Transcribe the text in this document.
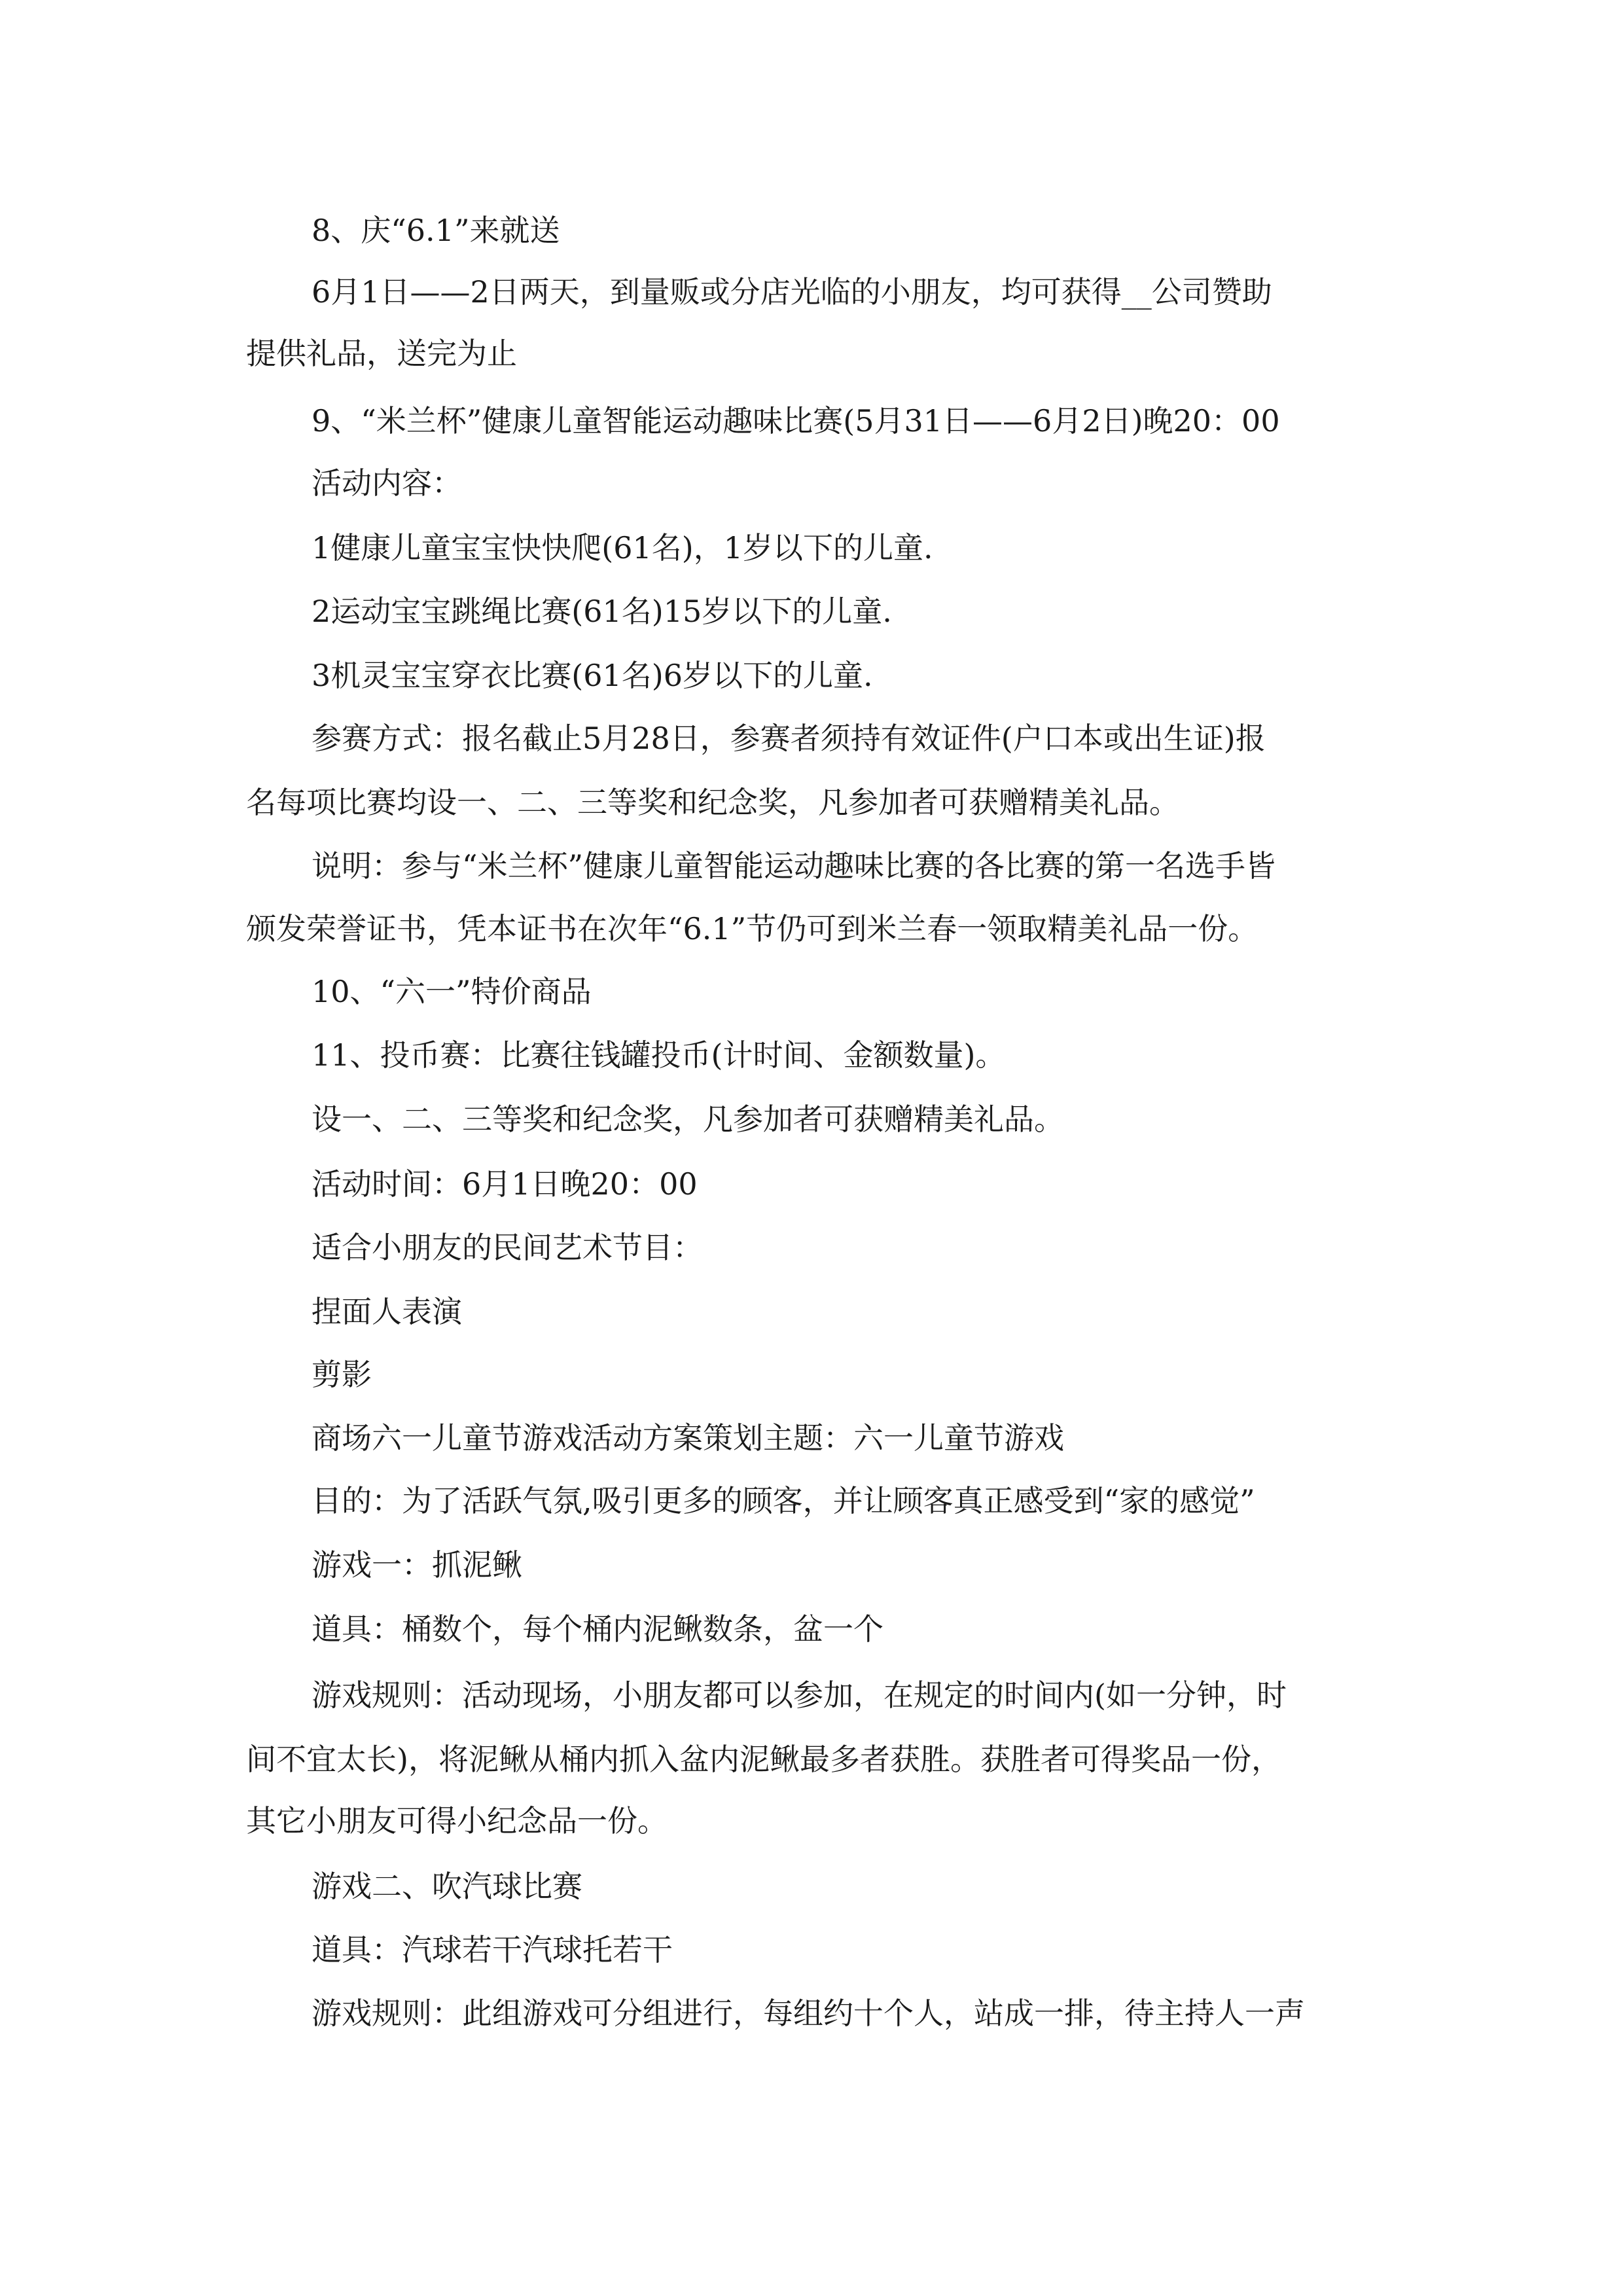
8、庆“6.1”来就送

6月1日——2日两天，到量贩或分店光临的小朋友，均可获得__公司赞助

提供礼品，送完为止

9、“米兰杯”健康儿童智能运动趣味比赛(5月31日——6月2日)晚20：00

活动内容：

1健康儿童宝宝快快爬(61名)，1岁以下的儿童.

2运动宝宝跳绳比赛(61名)15岁以下的儿童.

3机灵宝宝穿衣比赛(61名)6岁以下的儿童.

参赛方式：报名截止5月28日，参赛者须持有效证件(户口本或出生证)报

名每项比赛均设一、二、三等奖和纪念奖，凡参加者可获赠精美礼品。

说明：参与“米兰杯”健康儿童智能运动趣味比赛的各比赛的第一名选手皆

颁发荣誉证书，凭本证书在次年“6.1”节仍可到米兰春一领取精美礼品一份。

10、“六一”特价商品

11、投币赛：比赛往钱罐投币(计时间、金额数量)。

设一、二、三等奖和纪念奖，凡参加者可获赠精美礼品。

活动时间：6月1日晚20：00

适合小朋友的民间艺术节目：

捏面人表演

剪影

商场六一儿童节游戏活动方案策划主题：六一儿童节游戏

目的：为了活跃气氛,吸引更多的顾客，并让顾客真正感受到“家的感觉”

游戏一：抓泥鳅

道具：桶数个，每个桶内泥鳅数条，盆一个

游戏规则：活动现场，小朋友都可以参加，在规定的时间内(如一分钟，时

间不宜太长)，将泥鳅从桶内抓入盆内泥鳅最多者获胜。获胜者可得奖品一份，

其它小朋友可得小纪念品一份。

游戏二、吹汽球比赛

道具：汽球若干汽球托若干

游戏规则：此组游戏可分组进行，每组约十个人，站成一排，待主持人一声
